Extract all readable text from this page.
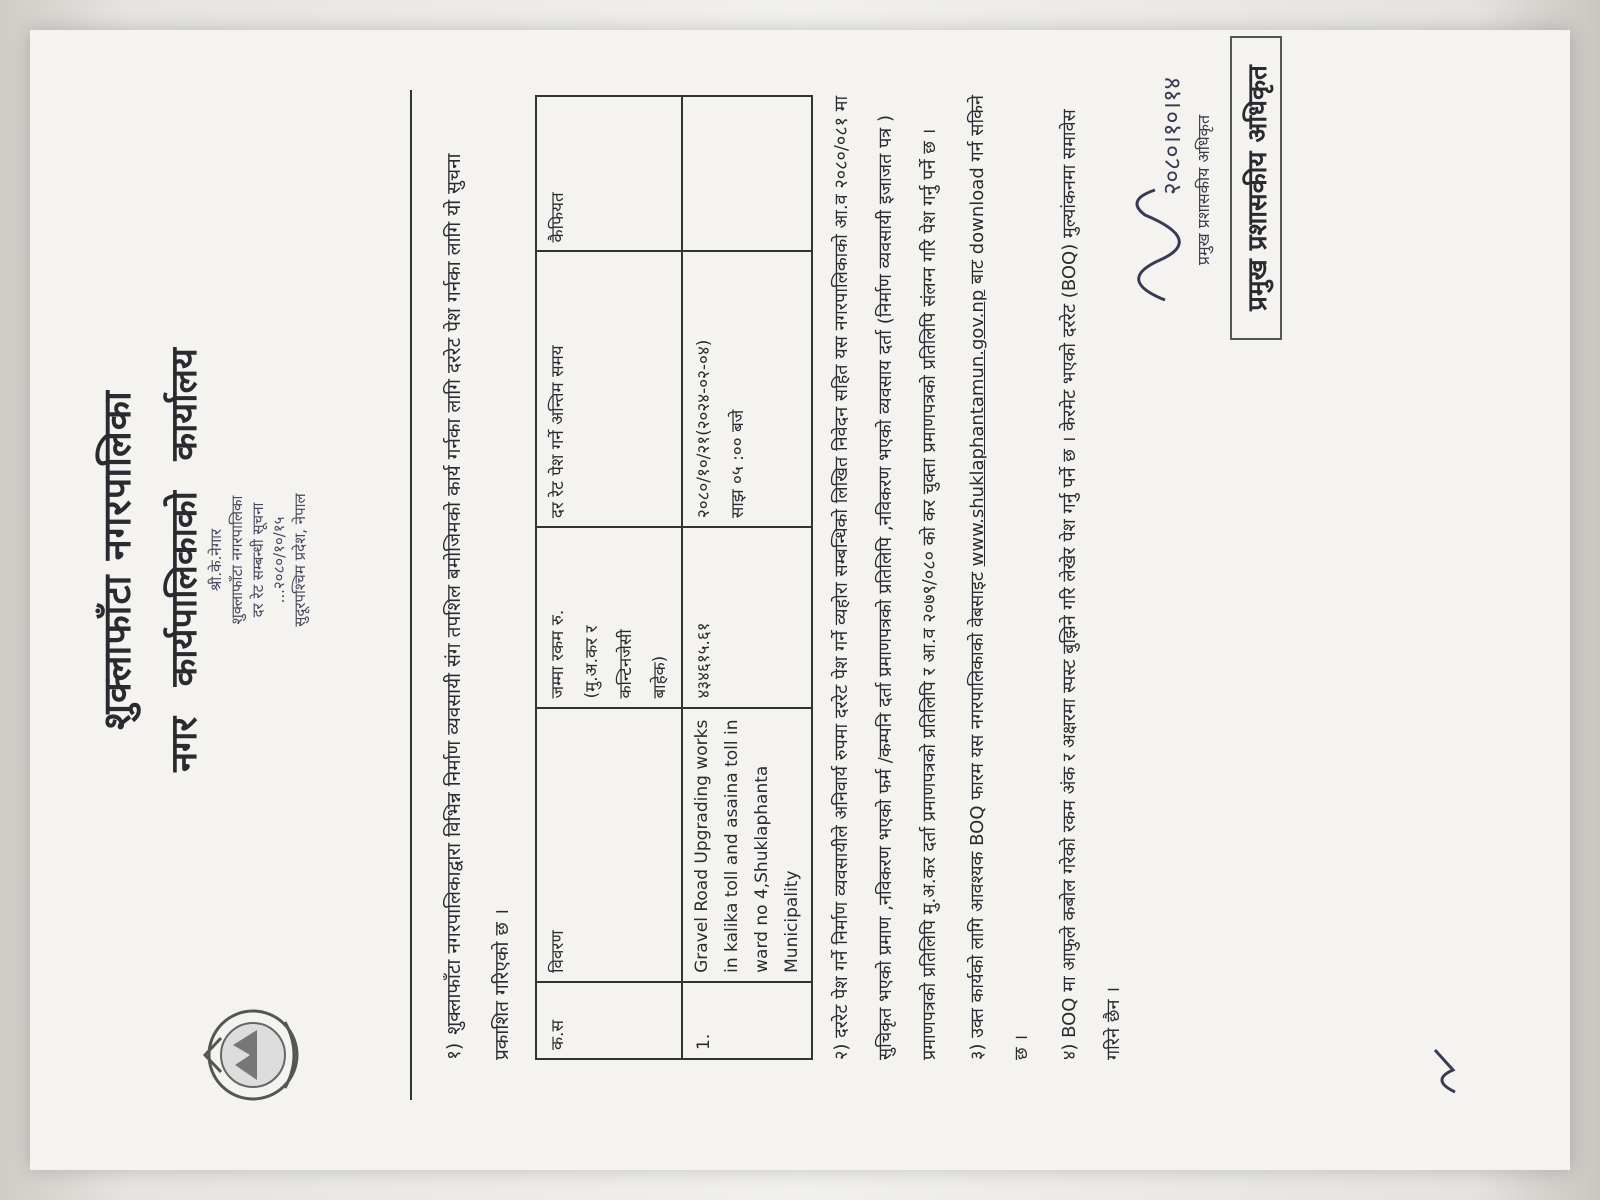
शुक्लाफाँटा नगरपालिका नगर कार्यपालिकाको कार्यालय श्री.के.नेगार शुक्लाफाँटा नगरपालिका दर रेट सम्बन्धी सूचना ...२०८०/१०/१५ सुदूरपश्चिम प्रदेश, नेपाल
१)शुक्लाफाँटा नगरपालिकाद्वारा विभिन्न निर्माण व्यवसायी संग तपशिल बमोजिमको कार्य गर्नका लागि दररेट पेश गर्नका लागि यो सुचना प्रकाशित गरिएको छ ।	क.स	विवरण	जम्मा रकम रु. (मु.अ.कर र कन्टिनजेसी बाहेक)	दर रेट पेश गर्ने अन्तिम समय	कैफियत
1.	Gravel Road Upgrading works in kalika toll and asaina toll in ward no 4,Shuklaphanta Municipality	४३४६१५.६१	२०८०/१०/२१(२०२४-०२-०४) साझ ०५ :०० बजे	
		२) दररेट पेश गर्ने निर्माण व्यवसायीले अनिवार्य रुपमा दररेट पेश गर्ने व्यहोरा सम्बन्धिको लिखित निवेदन सहित यस नगरपालिकाको आ.व २०८०/०८१ मा सुचिकृत भएको प्रमाण ,नविकरण भएको फर्म /कम्पनि दर्ता प्रमाणपत्रको प्रतिलिपि ,नविकरण भएको व्यवसाय दर्ता (निर्माण व्यवसायी इजाजत पत्र ) प्रमाणपत्रको प्रतिलिपि मु.अ.कर दर्ता प्रमाणपत्रको प्रतिलिपि र आ.व २०७९/०८० को कर चुक्ता प्रमाणपत्रको प्रतिलिपि संलग्न गरि पेश गर्नु पर्ने छ ।	३) उक्त कार्यको लागि आवश्यक BOQ फारम यस नगरपालिकाको वेबसाइट www.shuklaphantamun.gov.np बाट download गर्न सकिने छ ।	४) BOQ मा आफुले कबोल गरेको रकम अंक र अक्षरमा स्पस्ट बुझिने गरि लेखेर पेश गर्नु पर्ने छ । केरमेट भएको दररेट (BOQ) मुल्यांकनमा समावेस गरिने छैन ।

२०८०।१०।१४ प्रमुख प्रशासकीय अधिकृत	प्रमुख प्रशासकीय अधिकृत
